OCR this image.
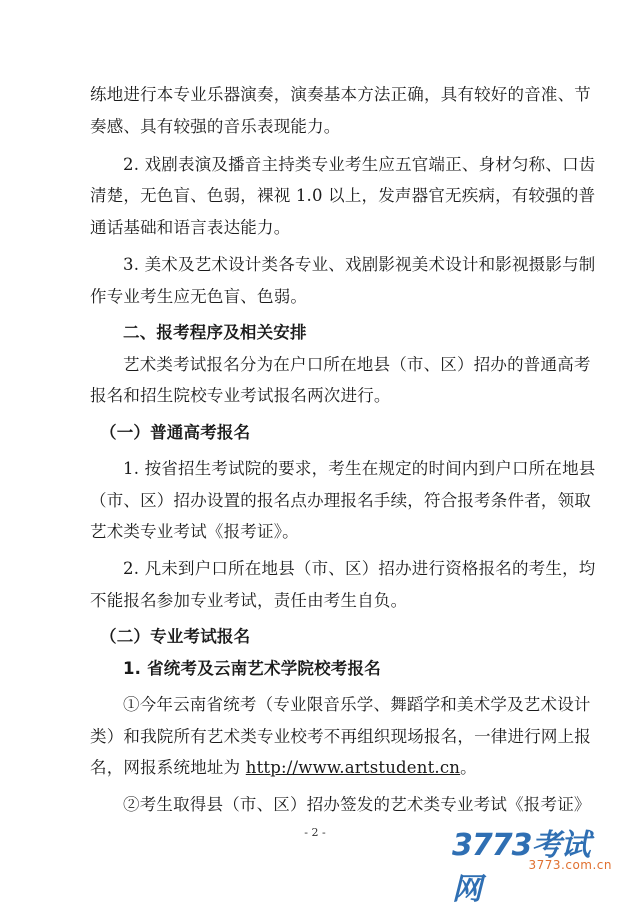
练地进行本专业乐器演奏，演奏基本方法正确，具有较好的音准、节
奏感、具有较强的音乐表现能力。
2. 戏剧表演及播音主持类专业考生应五官端正、身材匀称、口齿
清楚，无色盲、色弱，裸视 1.0 以上，发声器官无疾病，有较强的普
通话基础和语言表达能力。
3. 美术及艺术设计类各专业、戏剧影视美术设计和影视摄影与制
作专业考生应无色盲、色弱。
二、报考程序及相关安排
艺术类考试报名分为在户口所在地县（市、区）招办的普通高考
报名和招生院校专业考试报名两次进行。
（一）普通高考报名
1. 按省招生考试院的要求，考生在规定的时间内到户口所在地县
（市、区）招办设置的报名点办理报名手续，符合报考条件者，领取
艺术类专业考试《报考证》。
2. 凡未到户口所在地县（市、区）招办进行资格报名的考生，均
不能报名参加专业考试，责任由考生自负。
（二）专业考试报名
1. 省统考及云南艺术学院校考报名
①今年云南省统考（专业限音乐学、舞蹈学和美术学及艺术设计
类）和我院所有艺术类专业校考不再组织现场报名，一律进行网上报
名，网报系统地址为 http://www.artstudent.cn。
②考生取得县（市、区）招办签发的艺术类专业考试《报考证》
- 2 -	3773考试网
3773.com.cn
